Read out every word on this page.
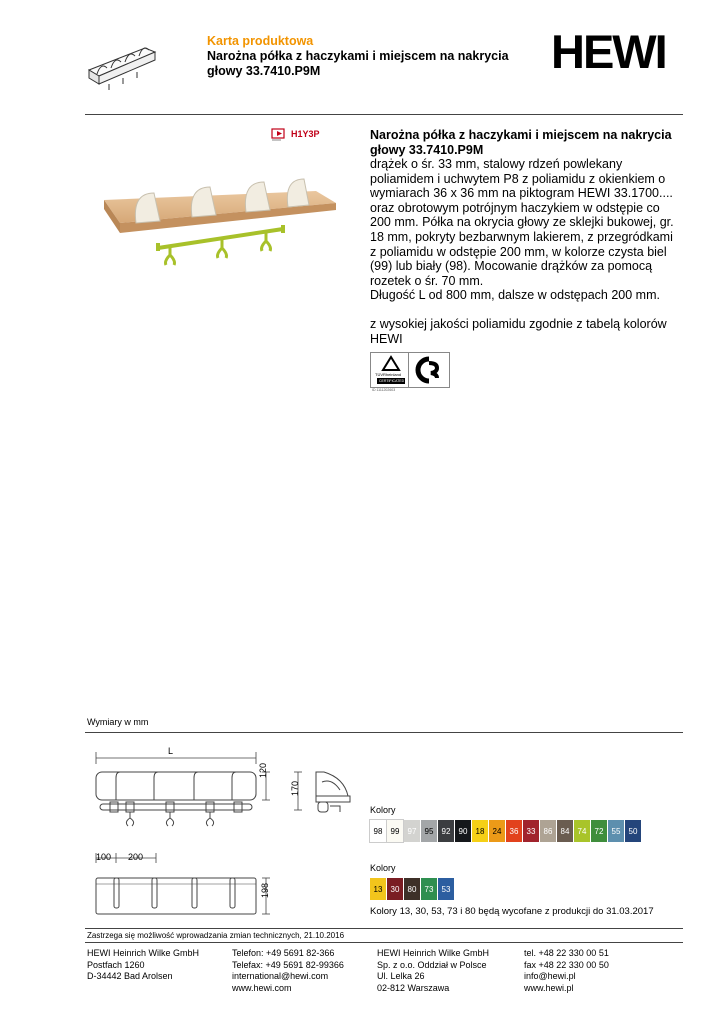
Karta produktowa
Narożna półka z haczykami i miejscem na nakrycia głowy 33.7410.P9M	HEWI
H1Y3P	Narożna półka z haczykami i miejscem na nakrycia głowy 33.7410.P9M

drążek o śr. 33 mm, stalowy rdzeń powlekany poliamidem i uchwytem P8 z poliamidu z okienkiem o wymiarach 36 x 36 mm na piktogram HEWI 33.1700.... oraz obrotowym potrójnym haczykiem w odstępie co 200 mm. Półka na okrycia głowy ze sklejki bukowej, gr. 18 mm, pokryty bezbarwnym lakierem, z przegródkami z poliamidu w odstępie 200 mm, w kolorze czysta biel (99) lub biały (98). Mocowanie drążków za pomocą rozetek o śr. 70 mm.

Długość L od 800 mm, dalsze w odstępach 200 mm.

z wysokiej jakości poliamidu zgodnie z tabelą kolorów HEWI

TÜVRheinland
CERTIFICATED
ID 1111202603
Wymiary w mm
L
120
170
100 200
198
Kolory
98	99	97	95	92	90	18	24	36	33	86	84	74	72	55	50
Kolory
13	30	80	73	53
Kolory 13, 30, 53, 73 i 80 będą wycofane z produkcji do 31.03.2017
Zastrzega się możliwość wprowadzania zmian technicznych, 21.10.2016
HEWI Heinrich Wilke GmbH
Postfach 1260
D-34442 Bad Arolsen
Telefon: +49 5691 82-366
Telefax: +49 5691 82-99366
international@hewi.com
www.hewi.com
HEWI Heinrich Wilke GmbH
Sp. z o.o. Oddział w Polsce
Ul. Lelka 26
02-812 Warszawa
tel. +48 22 330 00 51
fax +48 22 330 00 50
info@hewi.pl
www.hewi.pl
